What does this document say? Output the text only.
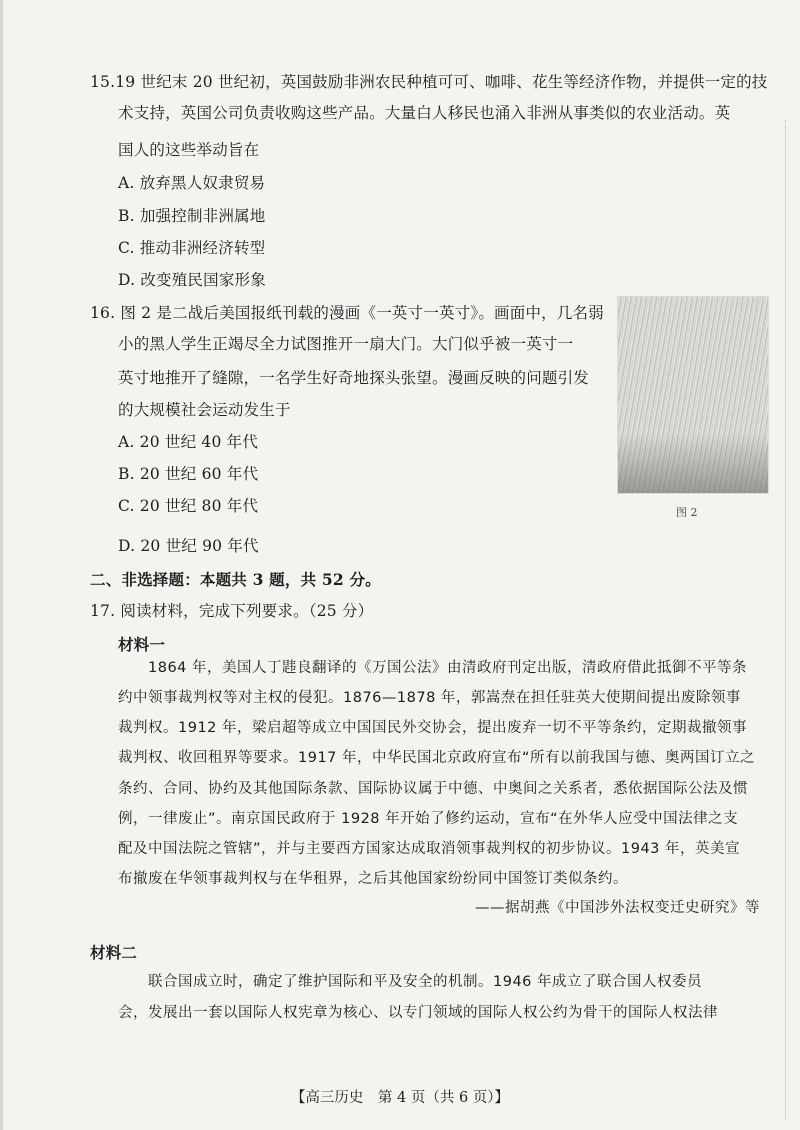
15.19 世纪末 20 世纪初，英国鼓励非洲农民种植可可、咖啡、花生等经济作物，并提供一定的技
术支持，英国公司负责收购这些产品。大量白人移民也涌入非洲从事类似的农业活动。英
国人的这些举动旨在
A. 放弃黑人奴隶贸易
B. 加强控制非洲属地
C. 推动非洲经济转型
D. 改变殖民国家形象
16. 图 2 是二战后美国报纸刊载的漫画《一英寸一英寸》。画面中，几名弱
小的黑人学生正竭尽全力试图推开一扇大门。大门似乎被一英寸一
英寸地推开了缝隙，一名学生好奇地探头张望。漫画反映的问题引发
的大规模社会运动发生于
A. 20 世纪 40 年代
B. 20 世纪 60 年代
C. 20 世纪 80 年代
D. 20 世纪 90 年代
图 2
二、非选择题：本题共 3 题，共 52 分。
17. 阅读材料，完成下列要求。（25 分）
材料一
1864 年，美国人丁韪良翻译的《万国公法》由清政府刊定出版，清政府借此抵御不平等条
约中领事裁判权等对主权的侵犯。1876—1878 年，郭嵩焘在担任驻英大使期间提出废除领事
裁判权。1912 年，梁启超等成立中国国民外交协会，提出废弃一切不平等条约，定期裁撤领事
裁判权、收回租界等要求。1917 年，中华民国北京政府宣布“所有以前我国与德、奥两国订立之
条约、合同、协约及其他国际条款、国际协议属于中德、中奥间之关系者，悉依据国际公法及惯
例，一律废止”。南京国民政府于 1928 年开始了修约运动，宣布“在外华人应受中国法律之支
配及中国法院之管辖”，并与主要西方国家达成取消领事裁判权的初步协议。1943 年，英美宣
布撤废在华领事裁判权与在华租界，之后其他国家纷纷同中国签订类似条约。
——据胡燕《中国涉外法权变迁史研究》等
材料二
联合国成立时，确定了维护国际和平及安全的机制。1946 年成立了联合国人权委员
会，发展出一套以国际人权宪章为核心、以专门领域的国际人权公约为骨干的国际人权法律
【高三历史　第 4 页（共 6 页）】
